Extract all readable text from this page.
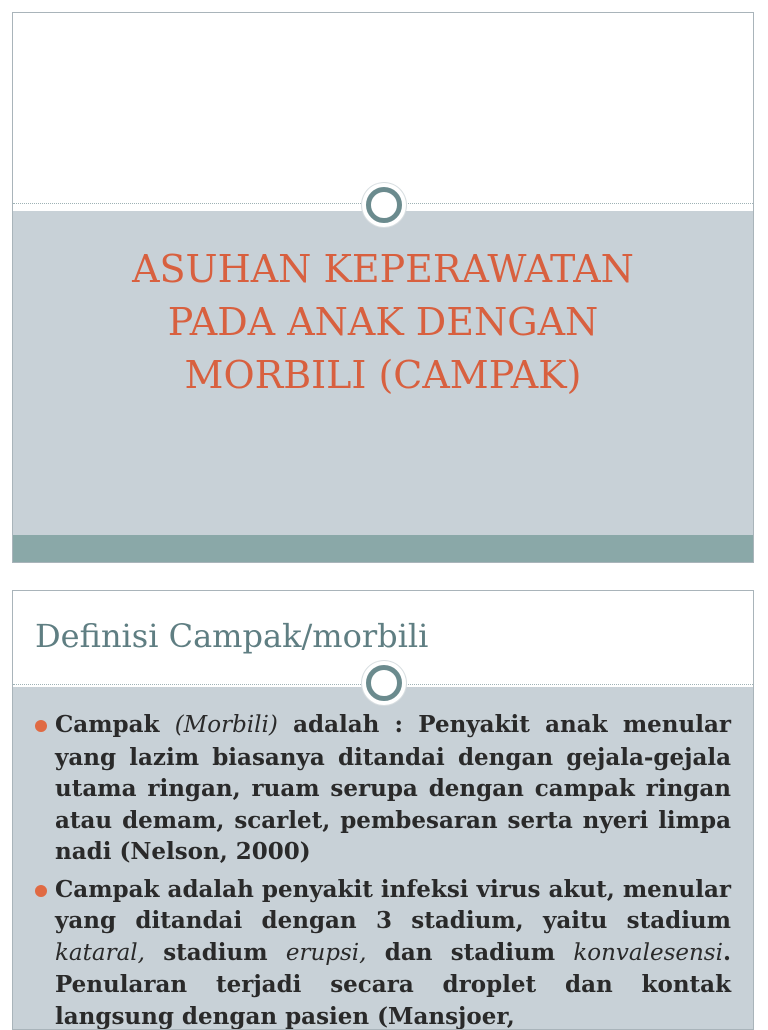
ASUHAN KEPERAWATAN
PADA ANAK DENGAN
MORBILI (CAMPAK)
Definisi Campak/morbili
Campak (Morbili) adalah : Penyakit anak menular yang lazim biasanya ditandai dengan gejala-gejala utama ringan, ruam serupa dengan campak ringan atau demam, scarlet, pembesaran serta nyeri limpa nadi (Nelson, 2000)
Campak adalah penyakit infeksi virus akut, menular yang ditandai dengan 3 stadium, yaitu stadium kataral, stadium erupsi, dan stadium konvalesensi. Penularan terjadi secara droplet dan kontak langsung dengan pasien (Mansjoer,
